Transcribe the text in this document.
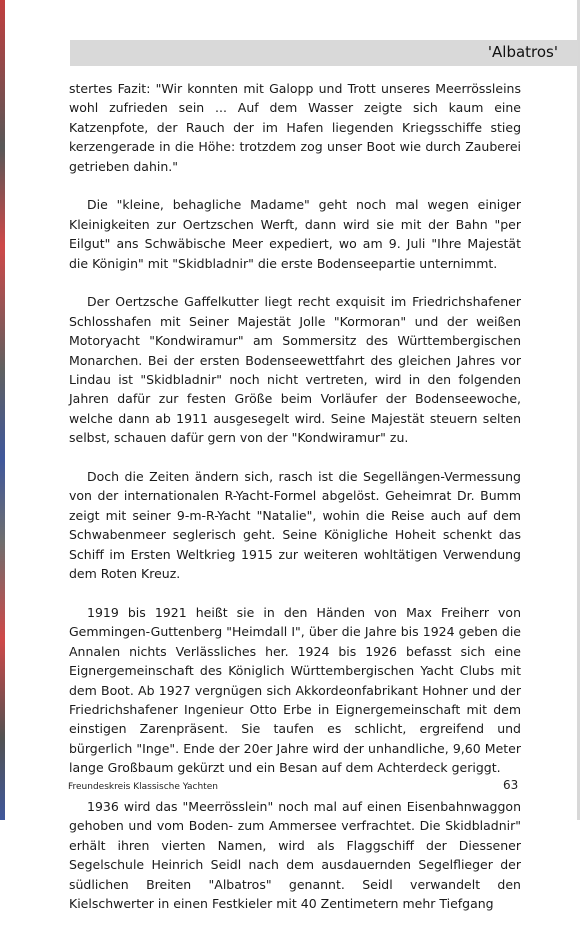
'Albatros'

stertes Fazit: "Wir konnten mit Galopp und Trott unseres Meerrösslеins wohl zufrieden sein ... Auf dem Wasser zeigte sich kaum eine Katzenpfote, der Rauch der im Hafen liegenden Kriegsschiffe stieg kerzengerade in die Höhe: trotzdem zog unser Boot wie durch Zauberei getrieben dahin."

Die "kleine, behagliche Madame" geht noch mal wegen einiger Kleinigkeiten zur Oertzschen Werft, dann wird sie mit der Bahn "per Eilgut" ans Schwäbische Meer expediert, wo am 9. Juli "Ihre Majestät die Königin" mit "Skidbladnir" die erste Bodenseepartie unternimmt.

Der Oertzsche Gaffelkutter liegt recht exquisit im Friedrichshafener Schlosshafen mit Seiner Majestät Jolle "Kormoran" und der weißen Motoryacht "Kondwiramur" am Sommersitz des Württembergischen Monarchen. Bei der ersten Bodenseewettfahrt des gleichen Jahres vor Lindau ist "Skidbladnir" noch nicht vertreten, wird in den folgenden Jahren dafür zur festen Größe beim Vorläufer der Bodenseewoche, welche dann ab 1911 ausgesegelt wird. Seine Majestät steuern selten selbst, schauen dafür gern von der "Kondwiramur" zu.

Doch die Zeiten ändern sich, rasch ist die Segellängen-Vermessung von der internationalen R-Yacht-Formel abgelöst. Geheimrat Dr. Bumm zeigt mit seiner 9-m-R-Yacht "Natalie", wohin die Reise auch auf dem Schwabenmeer seglerisch geht. Seine Königliche Hoheit schenkt das Schiff im Ersten Weltkrieg 1915 zur weiteren wohltätigen Verwendung dem Roten Kreuz.

1919 bis 1921 heißt sie in den Händen von Max Freiherr von Gemmingen-Guttenberg "Heimdall I", über die Jahre bis 1924 geben die Annalen nichts Verlässliches her. 1924 bis 1926 befasst sich eine Eignergemeinschaft des Königlich Württembergischen Yacht Clubs mit dem Boot. Ab 1927 vergnügen sich Akkordeonfabrikant Hohner und der Friedrichshafener Ingenieur Otto Erbe in Eignergemeinschaft mit dem einstigen Zarenpräsent. Sie taufen es schlicht, ergreifend und bürgerlich "Inge". Ende der 20er Jahre wird der unhandliche, 9,60 Meter lange Großbaum gekürzt und ein Besan auf dem Achterdeck geriggt.

1936 wird das "Meerrösslein" noch mal auf einen Eisenbahnwaggon gehoben und vom Boden- zum Ammersee verfrachtet. Die Skidbladnir" erhält ihren vierten Namen, wird als Flaggschiff der Diessener Segelschule Heinrich Seidl nach dem ausdauernden Segelflieger der südlichen Breiten "Albatros" genannt. Seidl verwandelt den Kielschwerter in einen Festkieler mit 40 Zentimetern mehr Tiefgang

Freundeskreis Klassische Yachten	63
